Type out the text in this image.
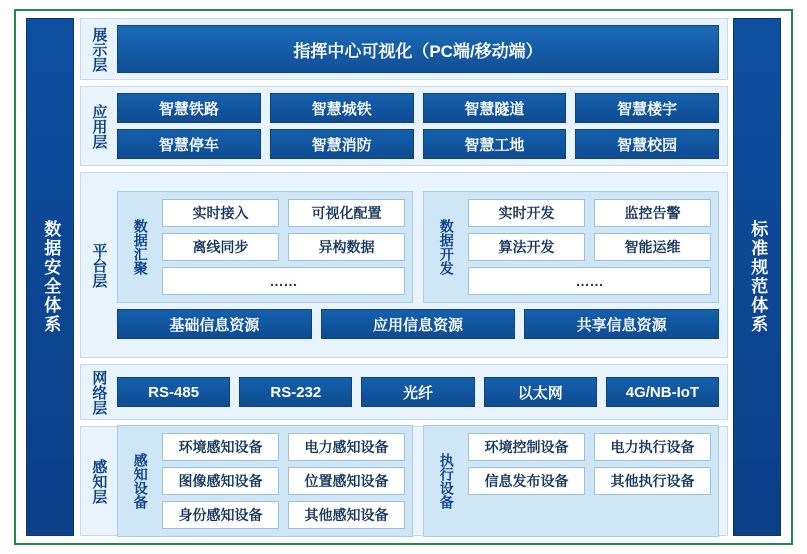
数据安全体系	标准规范体系
展示层	指挥中心可视化（PC端/移动端）
应用层	智慧铁路	智慧城铁	智慧隧道	智慧楼宇
智慧停车	智慧消防	智慧工地	智慧校园
平台层 数据汇聚
实时接入	可视化配置
离线同步	异构数据
……
数据开发
实时开发	监控告警
算法开发	智能运维
……
基础信息资源	应用信息资源	共享信息资源
网络层	RS-485	RS-232	光纤	以太网	4G/NB-IoT
感知层 感知设备
环境感知设备	电力感知设备
图像感知设备	位置感知设备
身份感知设备	其他感知设备
执行设备
环境控制设备	电力执行设备
信息发布设备	其他执行设备
